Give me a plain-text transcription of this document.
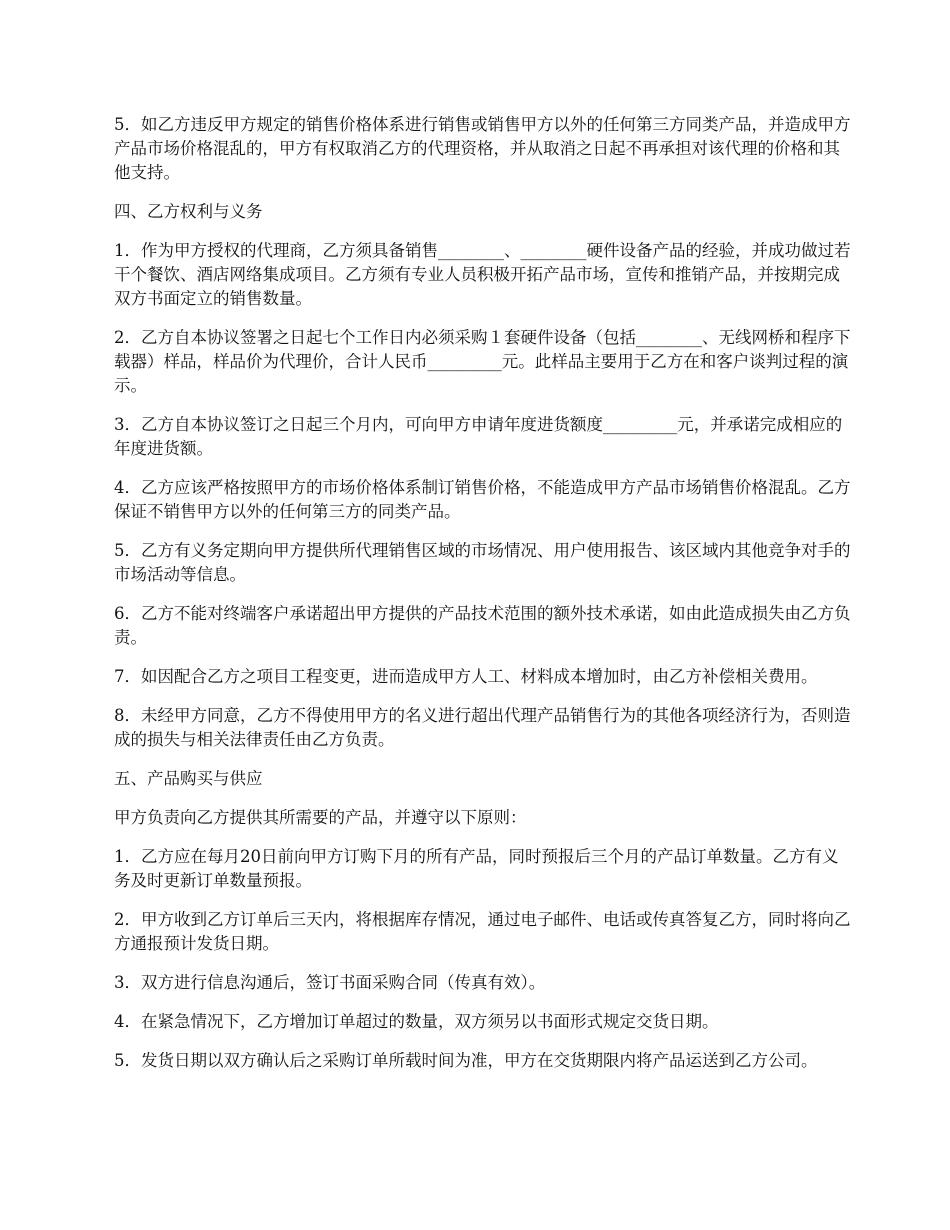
5．如乙方违反甲方规定的销售价格体系进行销售或销售甲方以外的任何第三方同类产品，并造成甲方产品市场价格混乱的，甲方有权取消乙方的代理资格，并从取消之日起不再承担对该代理的价格和其他支持。

四、乙方权利与义务

1．作为甲方授权的代理商，乙方须具备销售________、________硬件设备产品的经验，并成功做过若干个餐饮、酒店网络集成项目。乙方须有专业人员积极开拓产品市场，宣传和推销产品，并按期完成双方书面定立的销售数量。

2．乙方自本协议签署之日起七个工作日内必须采购１套硬件设备（包括________、无线网桥和程序下载器）样品，样品价为代理价，合计人民币_________元。此样品主要用于乙方在和客户谈判过程的演示。

3．乙方自本协议签订之日起三个月内，可向甲方申请年度进货额度_________元，并承诺完成相应的年度进货额。

4．乙方应该严格按照甲方的市场价格体系制订销售价格，不能造成甲方产品市场销售价格混乱。乙方保证不销售甲方以外的任何第三方的同类产品。

5．乙方有义务定期向甲方提供所代理销售区域的市场情况、用户使用报告、该区域内其他竞争对手的市场活动等信息。

6．乙方不能对终端客户承诺超出甲方提供的产品技术范围的额外技术承诺，如由此造成损失由乙方负责。

7．如因配合乙方之项目工程变更，进而造成甲方人工、材料成本增加时，由乙方补偿相关费用。

8．未经甲方同意，乙方不得使用甲方的名义进行超出代理产品销售行为的其他各项经济行为，否则造成的损失与相关法律责任由乙方负责。

五、产品购买与供应

甲方负责向乙方提供其所需要的产品，并遵守以下原则：

1．乙方应在每月20日前向甲方订购下月的所有产品，同时预报后三个月的产品订单数量。乙方有义务及时更新订单数量预报。

2．甲方收到乙方订单后三天内，将根据库存情况，通过电子邮件、电话或传真答复乙方，同时将向乙方通报预计发货日期。

3．双方进行信息沟通后，签订书面采购合同（传真有效）。

4．在紧急情况下，乙方增加订单超过的数量，双方须另以书面形式规定交货日期。

5．发货日期以双方确认后之采购订单所载时间为准，甲方在交货期限内将产品运送到乙方公司。
